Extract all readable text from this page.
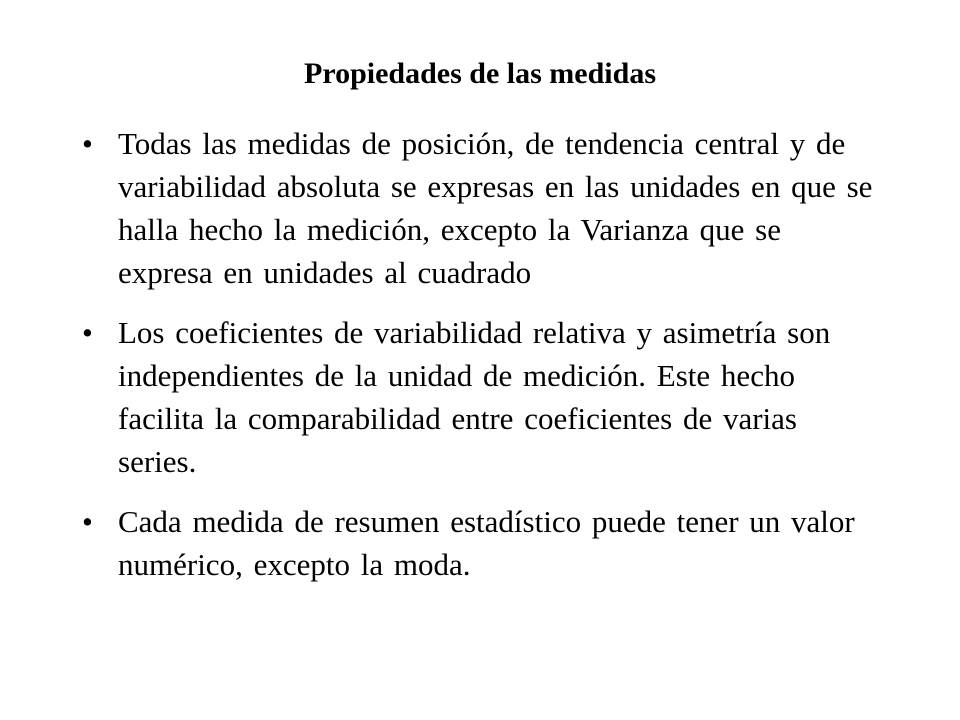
Propiedades de las medidas
• Todas las medidas de posición, de tendencia central y de variabilidad absoluta se expresas en las unidades en que se halla hecho la medición, excepto la Varianza que se expresa en unidades al cuadrado
• Los coeficientes de variabilidad relativa y asimetría son independientes de la unidad de medición. Este hecho facilita la comparabilidad entre coeficientes de varias series.
• Cada medida de resumen estadístico puede tener un valor numérico, excepto la moda.
